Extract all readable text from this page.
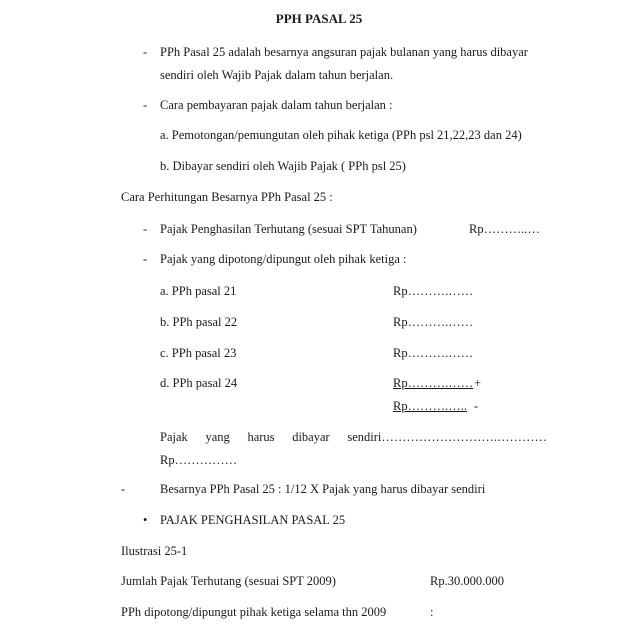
PPH PASAL 25
- PPh Pasal 25 adalah besarnya angsuran pajak bulanan yang harus dibayar
sendiri oleh Wajib Pajak dalam tahun berjalan.
- Cara pembayaran pajak dalam tahun berjalan :
a. Pemotongan/pemungutan oleh pihak ketiga (PPh psl 21,22,23 dan 24)
b. Dibayar sendiri oleh Wajib Pajak ( PPh psl 25)
Cara Perhitungan Besarnya PPh Pasal 25 :
- Pajak Penghasilan Terhutang (sesuai SPT Tahunan)	Rp………..…
- Pajak yang dipotong/dipungut oleh pihak ketiga :
a. PPh pasal 21	Rp……….……
b. PPh pasal 22	Rp……….……
c. PPh pasal 23	Rp……….……
d. PPh pasal 24	Rp……….…… +
Rp……….….. -
Pajak yang harus dibayar sendiri……………………….…………
Rp……………
-	Besarnya PPh Pasal 25 : 1/12 X Pajak yang harus dibayar sendiri
• PAJAK PENGHASILAN PASAL 25
Ilustrasi 25-1
Jumlah Pajak Terhutang (sesuai SPT 2009)	Rp.30.000.000
PPh dipotong/dipungut pihak ketiga selama thn 2009	:
